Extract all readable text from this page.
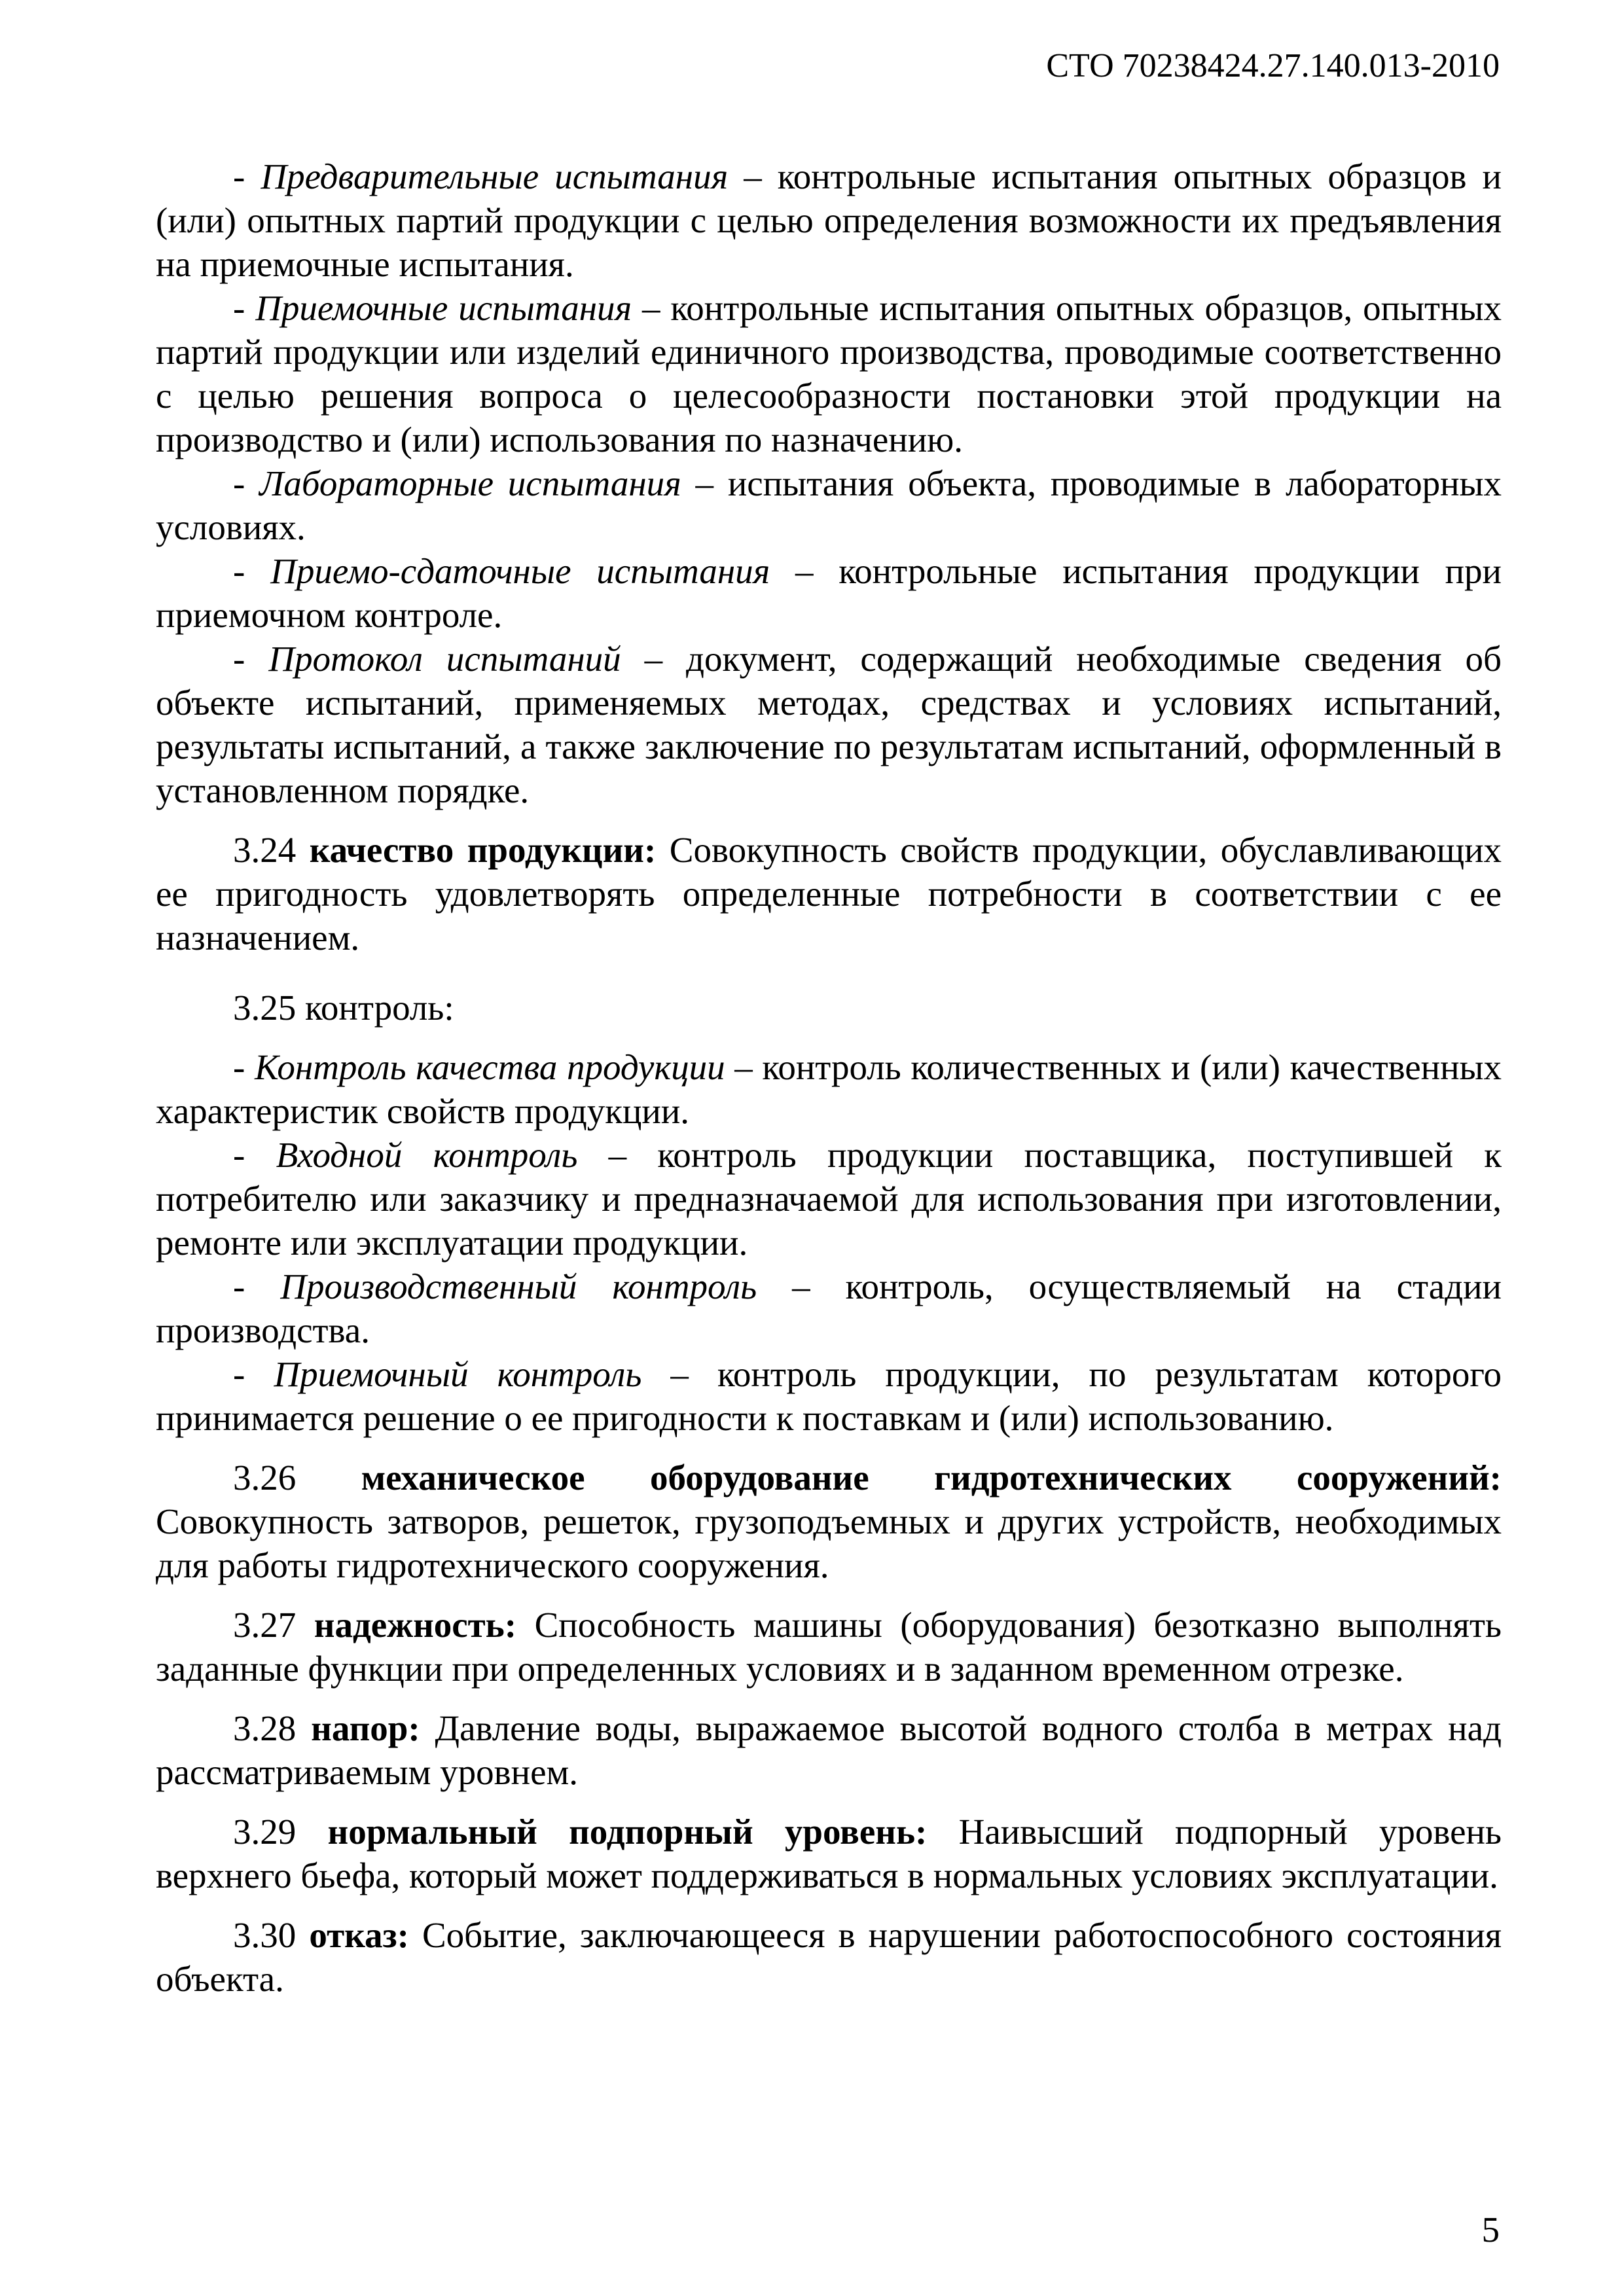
СТО 70238424.27.140.013-2010

- Предварительные испытания – контрольные испытания опытных образцов и (или) опытных партий продукции с целью определения возможности их предъявления на приемочные испытания.

- Приемочные испытания – контрольные испытания опытных образцов, опытных партий продукции или изделий единичного производства, проводимые соответственно с целью решения вопроса о целесообразности постановки этой продукции на производство и (или) использования по назначению.

- Лабораторные испытания – испытания объекта, проводимые в лабораторных условиях.

- Приемо-сдаточные испытания – контрольные испытания продукции при приемочном контроле.

- Протокол испытаний – документ, содержащий необходимые сведения об объекте испытаний, применяемых методах, средствах и условиях испытаний, результаты испытаний, а также заключение по результатам испытаний, оформленный в установленном порядке.

3.24 качество продукции: Совокупность свойств продукции, обуславливающих ее пригодность удовлетворять определенные потребности в соответствии с ее назначением.

3.25 контроль:

- Контроль качества продукции – контроль количественных и (или) качественных характеристик свойств продукции.

- Входной контроль – контроль продукции поставщика, поступившей к потребителю или заказчику и предназначаемой для использования при изготовлении, ремонте или эксплуатации продукции.

- Производственный контроль – контроль, осуществляемый на стадии производства.

- Приемочный контроль – контроль продукции, по результатам которого принимается решение о ее пригодности к поставкам и (или) использованию.

3.26 механическое оборудование гидротехнических сооружений: Совокупность затворов, решеток, грузоподъемных и других устройств, необходимых для работы гидротехнического сооружения.

3.27 надежность: Способность машины (оборудования) безотказно выполнять заданные функции при определенных условиях и в заданном временном отрезке.

3.28 напор: Давление воды, выражаемое высотой водного столба в метрах над рассматриваемым уровнем.

3.29 нормальный подпорный уровень: Наивысший подпорный уровень верхнего бьефа, который может поддерживаться в нормальных условиях эксплуатации.

3.30 отказ: Событие, заключающееся в нарушении работоспособного состояния объекта.

5
